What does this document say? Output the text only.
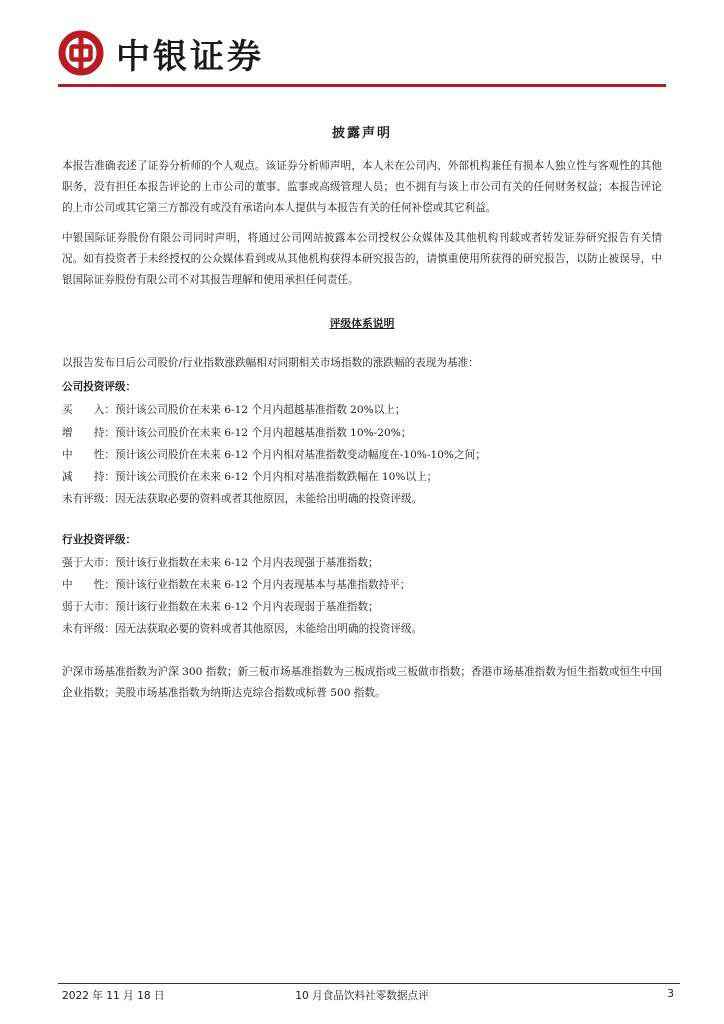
中银证券
披露声明
本报告准确表述了证券分析师的个人观点。该证券分析师声明，本人未在公司内、外部机构兼任有损本人独立性与客观性的其他职务，没有担任本报告评论的上市公司的董事、监事或高级管理人员；也不拥有与该上市公司有关的任何财务权益；本报告评论的上市公司或其它第三方都没有或没有承诺向本人提供与本报告有关的任何补偿或其它利益。
中银国际证券股份有限公司同时声明，将通过公司网站披露本公司授权公众媒体及其他机构刊载或者转发证券研究报告有关情况。如有投资者于未经授权的公众媒体看到或从其他机构获得本研究报告的，请慎重使用所获得的研究报告，以防止被误导，中银国际证券股份有限公司不对其报告理解和使用承担任何责任。
评级体系说明
以报告发布日后公司股价/行业指数涨跌幅相对同期相关市场指数的涨跌幅的表现为基准：
公司投资评级：
买　　入：预计该公司股价在未来 6-12 个月内超越基准指数 20%以上；
增　　持：预计该公司股价在未来 6-12 个月内超越基准指数 10%-20%；
中　　性：预计该公司股价在未来 6-12 个月内相对基准指数变动幅度在-10%-10%之间；
减　　持：预计该公司股价在未来 6-12 个月内相对基准指数跌幅在 10%以上；
未有评级：因无法获取必要的资料或者其他原因，未能给出明确的投资评级。
行业投资评级：
强于大市：预计该行业指数在未来 6-12 个月内表现强于基准指数；
中　　性：预计该行业指数在未来 6-12 个月内表现基本与基准指数持平；
弱于大市：预计该行业指数在未来 6-12 个月内表现弱于基准指数；
未有评级：因无法获取必要的资料或者其他原因，未能给出明确的投资评级。
沪深市场基准指数为沪深 300 指数；新三板市场基准指数为三板成指或三板做市指数；香港市场基准指数为恒生指数或恒生中国企业指数；美股市场基准指数为纳斯达克综合指数或标普 500 指数。
2022 年 11 月 18 日	10 月食品饮料社零数据点评	3
